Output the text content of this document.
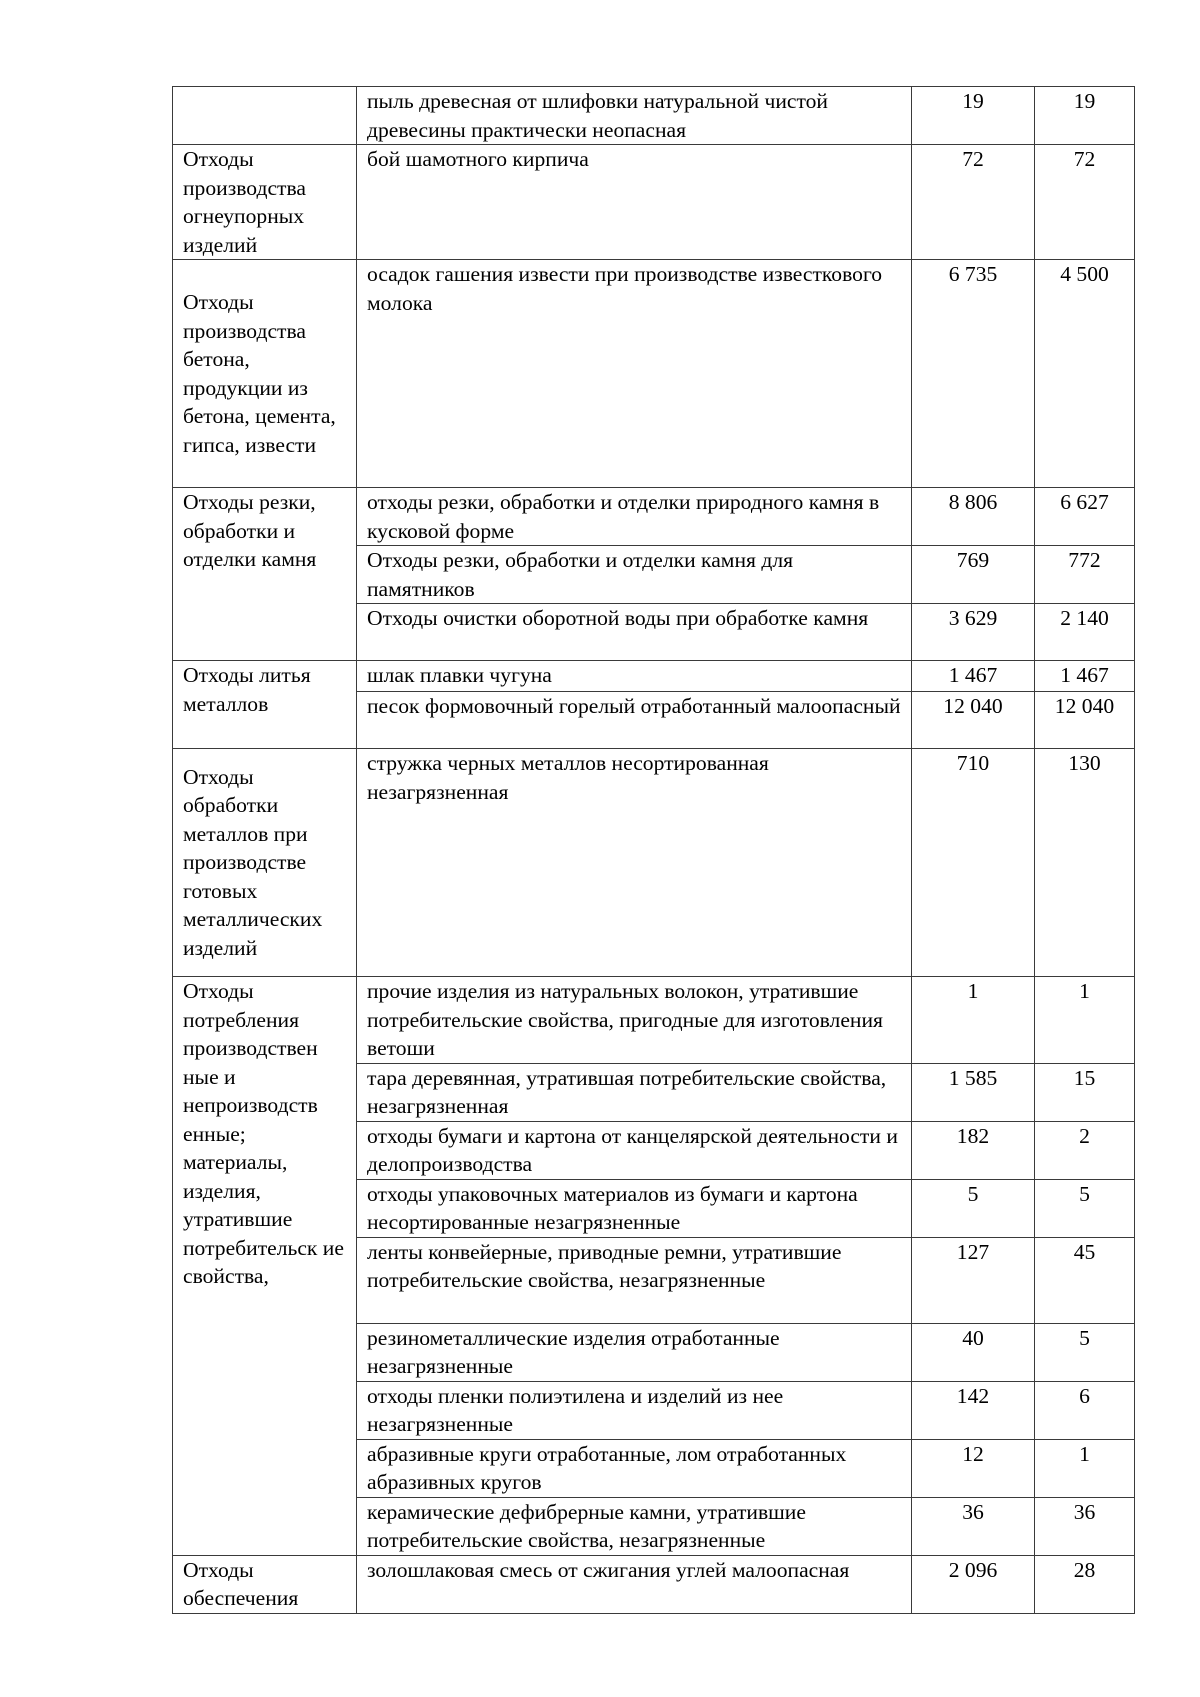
	пыль древесная от шлифовки натуральной чистой древесины практически неопасная	19	19
Отходы производства огнеупорных изделий	бой шамотного кирпича	72	72
Отходы производства бетона, продукции из бетона, цемента, гипса, извести	осадок гашения извести при производстве известкового молока	6 735	4 500
Отходы резки, обработки и отделки камня	отходы резки, обработки и отделки природного камня в кусковой форме	8 806	6 627
	Отходы резки, обработки и отделки камня для памятников	769	772
	Отходы очистки оборотной воды при обработке камня	3 629	2 140
Отходы литья металлов	шлак плавки чугуна	1 467	1 467
	песок формовочный горелый отработанный малоопасный	12 040	12 040
Отходы обработки металлов при производстве готовых металлических изделий	стружка черных металлов несортированная незагрязненная	710	130
Отходы потребления производствен ные и непроизводств енные; материалы, изделия, утратившие потребительск ие свойства,	прочие изделия из натуральных волокон, утратившие потребительские свойства, пригодные для изготовления ветоши	1	1
	тара деревянная, утратившая потребительские свойства, незагрязненная	1 585	15
	отходы бумаги и картона от канцелярской деятельности и делопроизводства	182	2
	отходы упаковочных материалов из бумаги и картона несортированные незагрязненные	5	5
	ленты конвейерные, приводные ремни, утратившие потребительские свойства, незагрязненные	127	45
	резинометаллические изделия отработанные незагрязненные	40	5
	отходы пленки полиэтилена и изделий из нее незагрязненные	142	6
	абразивные круги отработанные, лом отработанных абразивных кругов	12	1
	керамические дефибрерные камни, утратившие потребительские свойства, незагрязненные	36	36
Отходы обеспечения	золошлаковая смесь от сжигания углей малоопасная	2 096	28
